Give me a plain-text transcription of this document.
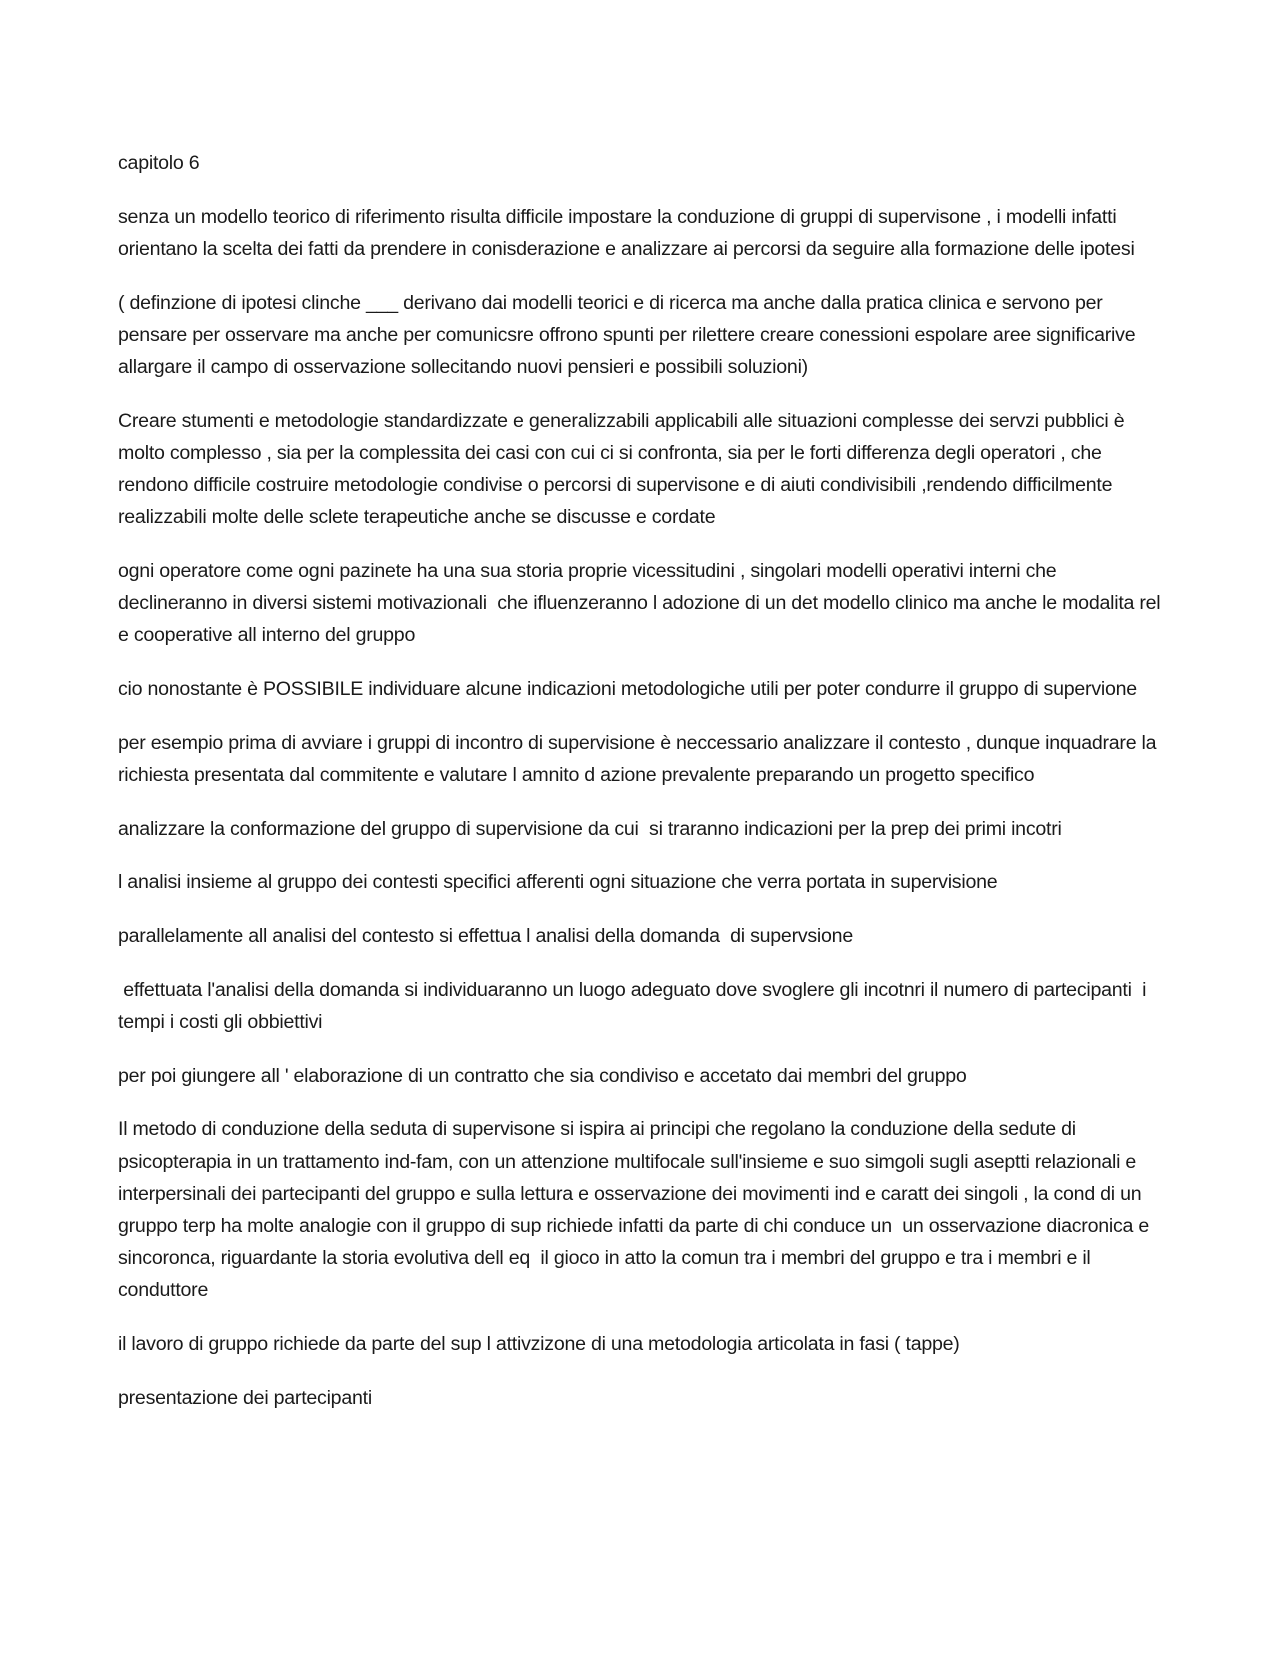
capitolo 6

senza un modello teorico di riferimento risulta difficile impostare la conduzione di gruppi di supervisone , i modelli infatti orientano la scelta dei fatti da prendere in conisderazione e analizzare ai percorsi da seguire alla formazione delle ipotesi

( definzione di ipotesi clinche ___ derivano dai modelli teorici e di ricerca ma anche dalla pratica clinica e servono per pensare per osservare ma anche per comunicsre offrono spunti per rilettere creare conessioni espolare aree significarive allargare il campo di osservazione sollecitando nuovi pensieri e possibili soluzioni)

Creare stumenti e metodologie standardizzate e generalizzabili applicabili alle situazioni complesse dei servzi pubblici è molto complesso , sia per la complessita dei casi con cui ci si confronta, sia per le forti differenza degli operatori , che rendono difficile costruire metodologie condivise o percorsi di supervisone e di aiuti condivisibili ,rendendo difficilmente realizzabili molte delle sclete terapeutiche anche se discusse e cordate

ogni operatore come ogni pazinete ha una sua storia proprie vicessitudini , singolari modelli operativi interni che declineranno in diversi sistemi motivazionali  che ifluenzeranno l adozione di un det modello clinico ma anche le modalita rel e cooperative all interno del gruppo

cio nonostante è POSSIBILE individuare alcune indicazioni metodologiche utili per poter condurre il gruppo di supervione

per esempio prima di avviare i gruppi di incontro di supervisione è neccessario analizzare il contesto , dunque inquadrare la richiesta presentata dal commitente e valutare l amnito d azione prevalente preparando un progetto specifico

analizzare la conformazione del gruppo di supervisione da cui  si traranno indicazioni per la prep dei primi incotri

l analisi insieme al gruppo dei contesti specifici afferenti ogni situazione che verra portata in supervisione

parallelamente all analisi del contesto si effettua l analisi della domanda  di supervsione

effettuata l'analisi della domanda si individuaranno un luogo adeguato dove svoglere gli incotnri il numero di partecipanti  i tempi i costi gli obbiettivi

per poi giungere all ' elaborazione di un contratto che sia condiviso e accetato dai membri del gruppo

Il metodo di conduzione della seduta di supervisone si ispira ai principi che regolano la conduzione della sedute di psicopterapia in un trattamento ind-fam, con un attenzione multifocale sull'insieme e suo simgoli sugli aseptti relazionali e interpersinali dei partecipanti del gruppo e sulla lettura e osservazione dei movimenti ind e caratt dei singoli , la cond di un gruppo terp ha molte analogie con il gruppo di sup richiede infatti da parte di chi conduce un  un osservazione diacronica e sincoronca, riguardante la storia evolutiva dell eq  il gioco in atto la comun tra i membri del gruppo e tra i membri e il conduttore

il lavoro di gruppo richiede da parte del sup l attivzizone di una metodologia articolata in fasi ( tappe)

presentazione dei partecipanti
